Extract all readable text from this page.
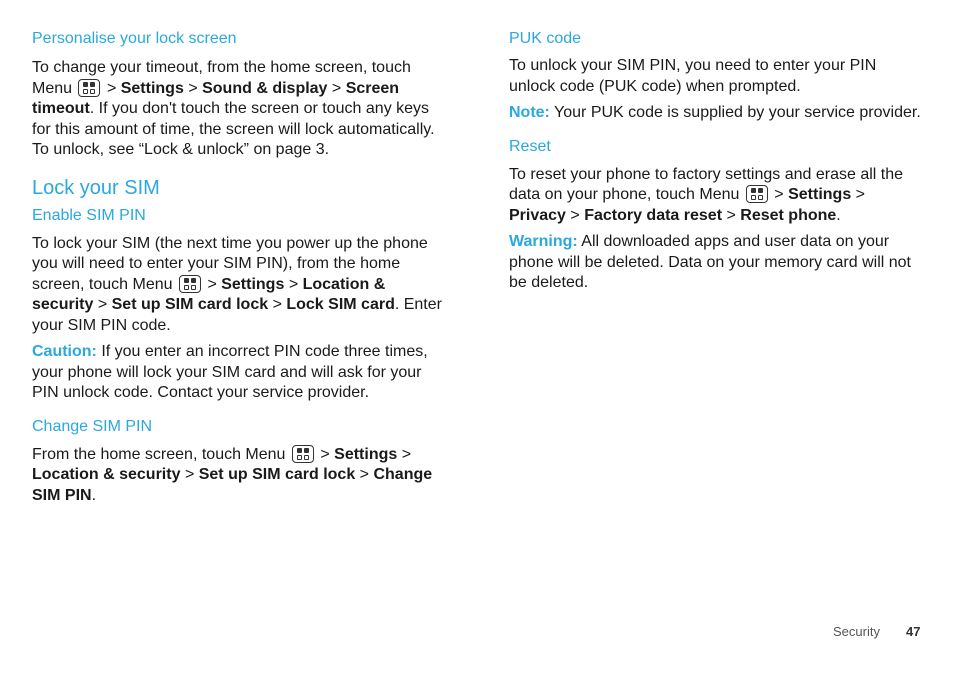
Personalise your lock screen

To change your timeout, from the home screen, touch Menu > Settings > Sound & display > Screen timeout. If you don't touch the screen or touch any keys for this amount of time, the screen will lock automatically. To unlock, see “Lock & unlock” on page 3.

Lock your SIM
Enable SIM PIN

To lock your SIM (the next time you power up the phone you will need to enter your SIM PIN), from the home screen, touch Menu > Settings > Location & security > Set up SIM card lock > Lock SIM card. Enter your SIM PIN code.

Caution: If you enter an incorrect PIN code three times, your phone will lock your SIM card and will ask for your PIN unlock code. Contact your service provider.

Change SIM PIN

From the home screen, touch Menu > Settings > Location & security > Set up SIM card lock > Change SIM PIN.

PUK code

To unlock your SIM PIN, you need to enter your PIN unlock code (PUK code) when prompted.

Note: Your PUK code is supplied by your service provider.

Reset

To reset your phone to factory settings and erase all the data on your phone, touch Menu > Settings > Privacy > Factory data reset > Reset phone.

Warning: All downloaded apps and user data on your phone will be deleted. Data on your memory card will not be deleted.

Security 47
